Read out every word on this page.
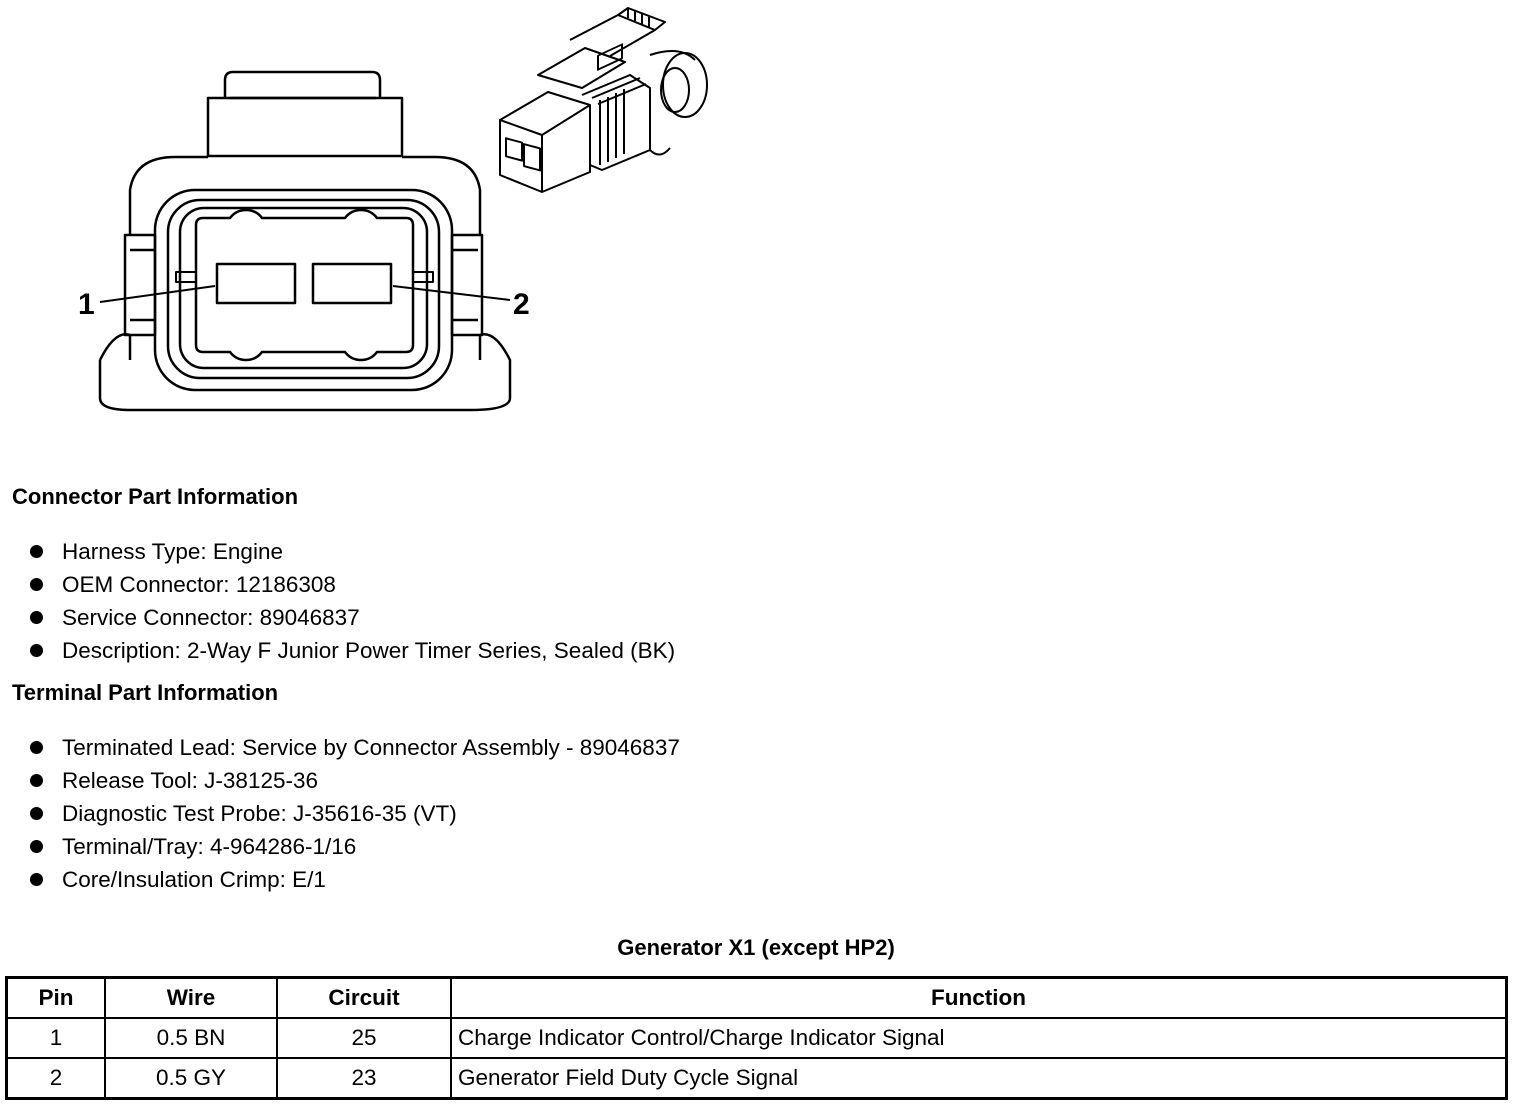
1	2
Connector Part Information
Harness Type: Engine
OEM Connector: 12186308
Service Connector: 89046837
Description: 2-Way F Junior Power Timer Series, Sealed (BK)
Terminal Part Information
Terminated Lead: Service by Connector Assembly - 89046837
Release Tool: J-38125-36
Diagnostic Test Probe: J-35616-35 (VT)
Terminal/Tray: 4-964286-1/16
Core/Insulation Crimp: E/1
Generator X1 (except HP2)
Pin	Wire	Circuit	Function
1	0.5 BN	25	Charge Indicator Control/Charge Indicator Signal
2	0.5 GY	23	Generator Field Duty Cycle Signal
